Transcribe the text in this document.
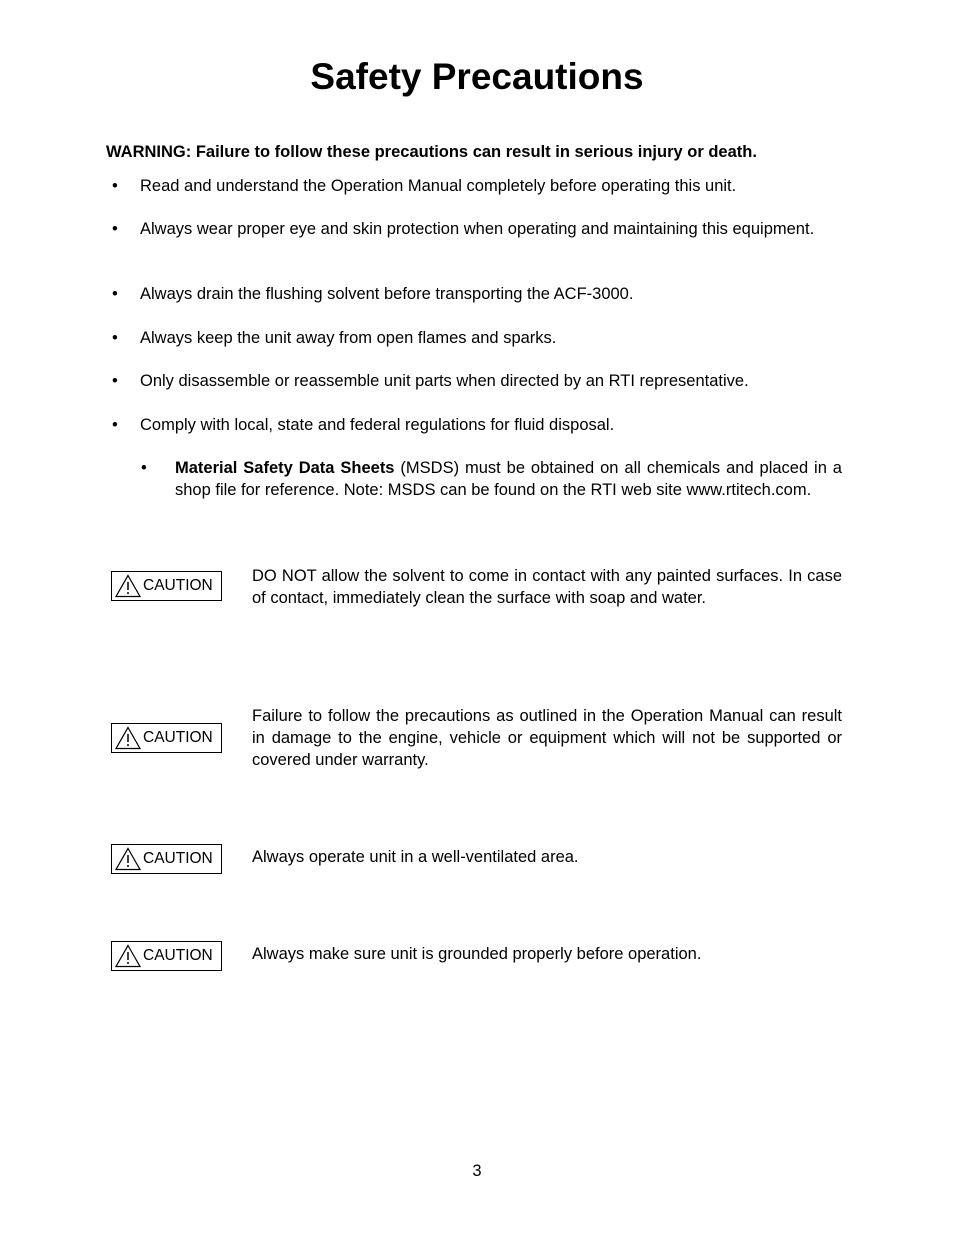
Safety Precautions
WARNING: Failure to follow these precautions can result in serious injury or death.
• Read and understand the Operation Manual completely before operating this unit.
• Always wear proper eye and skin protection when operating and maintaining this equipment.
• Always drain the flushing solvent before transporting the ACF-3000.
• Always keep the unit away from open flames and sparks.
• Only disassemble or reassemble unit parts when directed by an RTI representative.
• Comply with local, state and federal regulations for fluid disposal.
• Material Safety Data Sheets (MSDS) must be obtained on all chemicals and placed in a shop file for reference. Note: MSDS can be found on the RTI web site www.rtitech.com.
CAUTION
DO NOT allow the solvent to come in contact with any painted surfaces. In case of contact, immediately clean the surface with soap and water.
CAUTION
Failure to follow the precautions as outlined in the Operation Manual can result in damage to the engine, vehicle or equipment which will not be supported or covered under warranty.
CAUTION Always operate unit in a well-ventilated area.
CAUTION Always make sure unit is grounded properly before operation.
3
